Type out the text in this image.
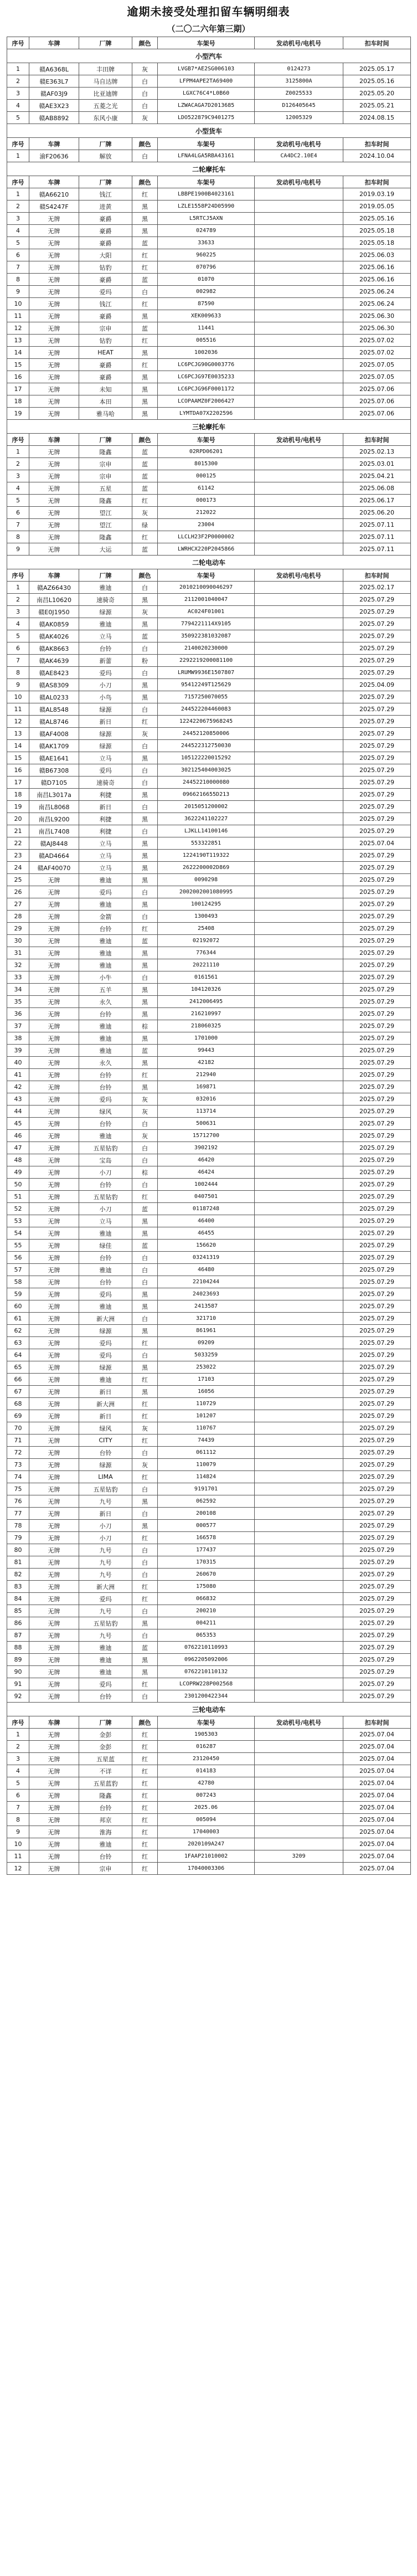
逾期未接受处理扣留车辆明细表
（二〇二六年第三期）
序号	车牌	厂牌	颜色	车架号	发动机号/电机号	扣车时间
小型汽车						
1	赣A6368L	丰田牌	灰	LVGB7*AE2SG006103	0124273	2025.05.17
2	赣E363L7	马自达牌	白	LFPM4APE2TA69400	3125800A	2025.05.16
3	赣AF03J9	比亚迪牌	白	LGXC76C4*L0B60	Z0025533	2025.05.20
4	赣AE3X23	五菱之光	白	LZWACAGA7D2013685	D126405645	2025.05.21
5	赣AB8892	东风小康	灰	LDO522879C9401275	12005329	2024.08.15
小型货车						
序号	车牌	厂牌	颜色	车架号	发动机号/电机号	扣车时间
1	渝F20636	解放	白	LFNA4LGA5RBA43161	CA4DC2.10E4	2024.10.04
二轮摩托车						
序号	车牌	厂牌	颜色	车架号	发动机号/电机号	扣车时间
1	赣A66210	钱江	红	LBBPE1900B4023161		2019.03.19
2	赣S4247F	进黄	黑	LZLE1558P24D05990		2019.05.05
3	无牌	豪爵	黑	L5RTCJ5AXN		2025.05.16
4	无牌	豪爵	黑	024789		2025.05.18
5	无牌	豪爵	蓝	33633		2025.05.18
6	无牌	大阳	红	960225		2025.06.03
7	无牌	钻豹	红	070796		2025.06.16
8	无牌	豪爵	蓝	01070		2025.06.16
9	无牌	爱玛	白	002982		2025.06.24
10	无牌	钱江	红	87590		2025.06.24
11	无牌	豪爵	黑	XEK009633		2025.06.30
12	无牌	宗申	蓝	11441		2025.06.30
13	无牌	钻豹	红	005516		2025.07.02
14	无牌	HEAT	黑	1002036		2025.07.02
15	无牌	豪爵	红	LC6PCJG90G0003776		2025.07.05
16	无牌	豪爵	黑	LC6PCJG97E0035233		2025.07.05
17	无牌	未知	黑	LC6PCJG96F0001172		2025.07.06
18	无牌	本田	黑	LCOPAAMZ0F2006427		2025.07.06
19	无牌	雅马哈	黑	LYMTDA07X2202596		2025.07.06
三轮摩托车						
序号	车牌	厂牌	颜色	车架号	发动机号/电机号	扣车时间
1	无牌	隆鑫	蓝	02RPD06201		2025.02.13
2	无牌	宗申	蓝	8015300		2025.03.01
3	无牌	宗申	蓝	000125		2025.04.21
4	无牌	五星	蓝	61142		2025.06.08
5	无牌	隆鑫	红	000173		2025.06.17
6	无牌	望江	灰	212022		2025.06.20
7	无牌	望江	绿	23004		2025.07.11
8	无牌	隆鑫	红	LLCLH23F2P0000002		2025.07.11
9	无牌	大运	蓝	LWRHCX220P2045866		2025.07.11
二轮电动车						
序号	车牌	厂牌	颜色	车架号	发动机号/电机号	扣车时间
1	赣AZ66430	雅迪	白	2010210090046297		2025.02.17
2	南昌L10620	速骑奇	黑	2112001040047		2025.07.29
3	赣E0J1950	绿源	灰	AC024F01001		2025.07.29
4	赣AK0859	雅迪	黑	7794221114X9105		2025.07.29
5	赣AK4026	立马	蓝	350922381032087		2025.07.29
6	赣AK8663	台铃	白	2140020230000		2025.07.29
7	赣AK4639	新蕾	粉	2292219200081100		2025.07.29
8	赣AE8423	爱玛	白	LRUMW9936E1507807		2025.07.29
9	赣AS8309	小刀	黑	95412249T125629		2025.04.09
10	赣AL0233	小鸟	黑	7157250070055		2025.07.29
11	赣AL8548	绿源	白	244522204460083		2025.07.29
12	赣AL8746	新日	红	1224220675968245		2025.07.29
13	赣AF4008	绿源	灰	24452120850006		2025.07.29
14	赣AK1709	绿源	白	244522312750030		2025.07.29
15	赣AE1641	立马	黑	105122220015292		2025.07.29
16	赣B67308	爱玛	白	302125404003025		2025.07.29
17	赣D7105	速骑奇	白	24452210000080		2025.07.29
18	南昌L3017a	利捷	黑	0966216655D213		2025.07.29
19	南昌L8068	新日	白	2015051200002		2025.07.29
20	南昌L9200	利捷	黑	3622241102227		2025.07.29
21	南昌L7408	利捷	白	LJKLL14100146		2025.07.29
22	赣AJ8448	立马	黑	553322851		2025.07.04
23	赣AD4664	立马	黑	1224190T119322		2025.07.29
24	赣AF40070	立马	黑	2622200002D869		2025.07.29
25	无牌	雅迪	黑	0090298		2025.07.29
26	无牌	爱玛	白	2002002001080995		2025.07.29
27	无牌	雅迪	黑	100124295		2025.07.29
28	无牌	金箭	白	1300493		2025.07.29
29	无牌	台铃	红	25408		2025.07.29
30	无牌	雅迪	蓝	02192072		2025.07.29
31	无牌	雅迪	黑	776344		2025.07.29
32	无牌	雅迪	黑	20221110		2025.07.29
33	无牌	小牛	白	0161561		2025.07.29
34	无牌	五羊	黑	104120326		2025.07.29
35	无牌	永久	黑	2412006495		2025.07.29
36	无牌	台铃	黑	216210997		2025.07.29
37	无牌	雅迪	棕	218060325		2025.07.29
38	无牌	雅迪	黑	1701000		2025.07.29
39	无牌	雅迪	蓝	99443		2025.07.29
40	无牌	永久	黑	42182		2025.07.29
41	无牌	台铃	红	212940		2025.07.29
42	无牌	台铃	黑	169871		2025.07.29
43	无牌	爱玛	灰	032016		2025.07.29
44	无牌	绿风	灰	113714		2025.07.29
45	无牌	台铃	白	500631		2025.07.29
46	无牌	雅迪	灰	15712700		2025.07.29
47	无牌	五星钻豹	白	3902192		2025.07.29
48	无牌	宝岛	白	46420		2025.07.29
49	无牌	小刀	棕	46424		2025.07.29
50	无牌	台铃	白	1002444		2025.07.29
51	无牌	五星钻豹	红	0407501		2025.07.29
52	无牌	小刀	蓝	01187248		2025.07.29
53	无牌	立马	黑	46400		2025.07.29
54	无牌	雅迪	黑	46455		2025.07.29
55	无牌	绿佳	蓝	156620		2025.07.29
56	无牌	台铃	白	03241319		2025.07.29
57	无牌	雅迪	白	46480		2025.07.29
58	无牌	台铃	白	22104244		2025.07.29
59	无牌	爱玛	黑	24023693		2025.07.29
60	无牌	雅迪	黑	2413587		2025.07.29
61	无牌	新大洲	白	321710		2025.07.29
62	无牌	绿源	黑	861961		2025.07.29
63	无牌	爱玛	红	09209		2025.07.29
64	无牌	爱玛	白	5033259		2025.07.29
65	无牌	绿源	黑	253022		2025.07.29
66	无牌	雅迪	红	17103		2025.07.29
67	无牌	新日	黑	16056		2025.07.29
68	无牌	新大洲	红	110729		2025.07.29
69	无牌	新日	红	101207		2025.07.29
70	无牌	绿风	灰	110767		2025.07.29
71	无牌	CITY	红	74439		2025.07.29
72	无牌	台铃	白	061112		2025.07.29
73	无牌	绿源	灰	110079		2025.07.29
74	无牌	LIMA	红	114824		2025.07.29
75	无牌	五星钻豹	白	9191701		2025.07.29
76	无牌	九号	黑	062592		2025.07.29
77	无牌	新日	白	200108		2025.07.29
78	无牌	小刀	黑	000577		2025.07.29
79	无牌	小刀	红	166578		2025.07.29
80	无牌	九号	白	177437		2025.07.29
81	无牌	九号	白	170315		2025.07.29
82	无牌	九号	白	260670		2025.07.29
83	无牌	新大洲	红	175080		2025.07.29
84	无牌	爱玛	红	066832		2025.07.29
85	无牌	九号	白	200210		2025.07.29
86	无牌	五星钻豹	黑	004211		2025.07.29
87	无牌	九号	白	065353		2025.07.29
88	无牌	雅迪	蓝	0762210110993		2025.07.29
89	无牌	雅迪	黑	0962205092006		2025.07.29
90	无牌	雅迪	黑	0762210110132		2025.07.29
91	无牌	爱玛	红	LCOPRW228P002568		2025.07.29
92	无牌	台铃	白	2301200422344		2025.07.29
三轮电动车						
序号	车牌	厂牌	颜色	车架号	发动机号/电机号	扣车时间
1	无牌	金彭	红	1905303		2025.07.04
2	无牌	金彭	红	016287		2025.07.04
3	无牌	五星蓝	红	23120450		2025.07.04
4	无牌	不详	红	014183		2025.07.04
5	无牌	五星蓝豹	红	42780		2025.07.04
6	无牌	隆鑫	红	007243		2025.07.04
7	无牌	台铃	红	2025.06		2025.07.04
8	无牌	邦京	红	005094		2025.07.04
9	无牌	淮海	红	17040003		2025.07.04
10	无牌	雅迪	红	2020109A247		2025.07.04
11	无牌	台铃	红	1FAAP21010002	3209	2025.07.04
12	无牌	宗申	红	17040003306		2025.07.04
